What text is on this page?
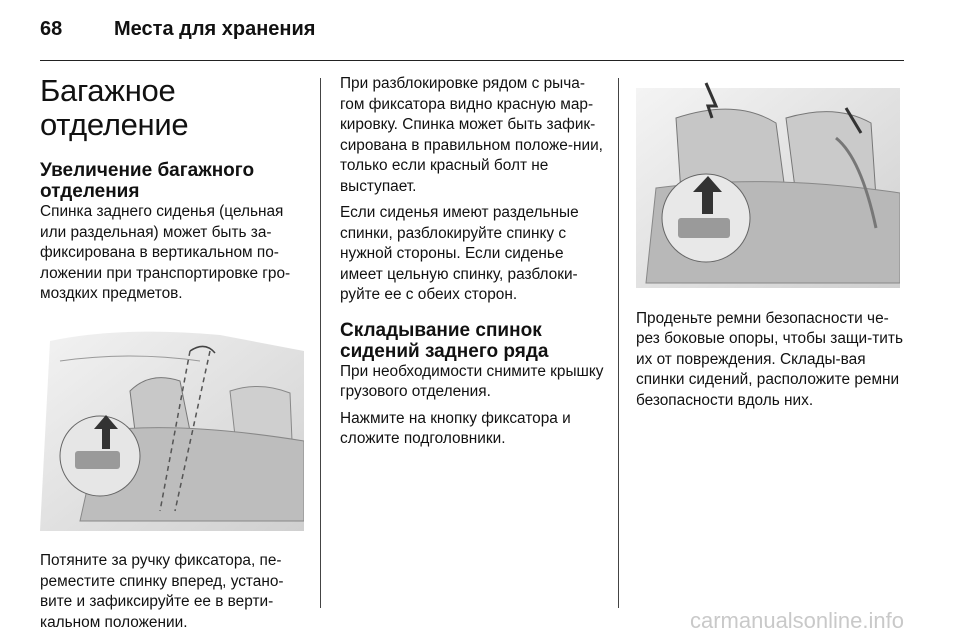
68	Места для хранения
Багажное отделение
Увеличение багажного отделения

Спинка заднего сиденья (цельная или раздельная) может быть за-фиксирована в вертикальном по-ложении при транспортировке гро-моздких предметов.

Потяните за ручку фиксатора, пе-реместите спинку вперед, устано-вите и зафиксируйте ее в верти-кальном положении.

При разблокировке рядом с рыча-гом фиксатора видно красную мар-кировку. Спинка может быть зафик-сирована в правильном положе-нии, только если красный болт не выступает.

Если сиденья имеют раздельные спинки, разблокируйте спинку с нужной стороны. Если сиденье имеет цельную спинку, разблоки-руйте ее с обеих сторон.

Складывание спинок сидений заднего ряда

При необходимости снимите крышку грузового отделения.

Нажмите на кнопку фиксатора и сложите подголовники.

Проденьте ремни безопасности че-рез боковые опоры, чтобы защи-тить их от повреждения. Склады-вая спинки сидений, расположите ремни безопасности вдоль них.

carmanualsonline.info
